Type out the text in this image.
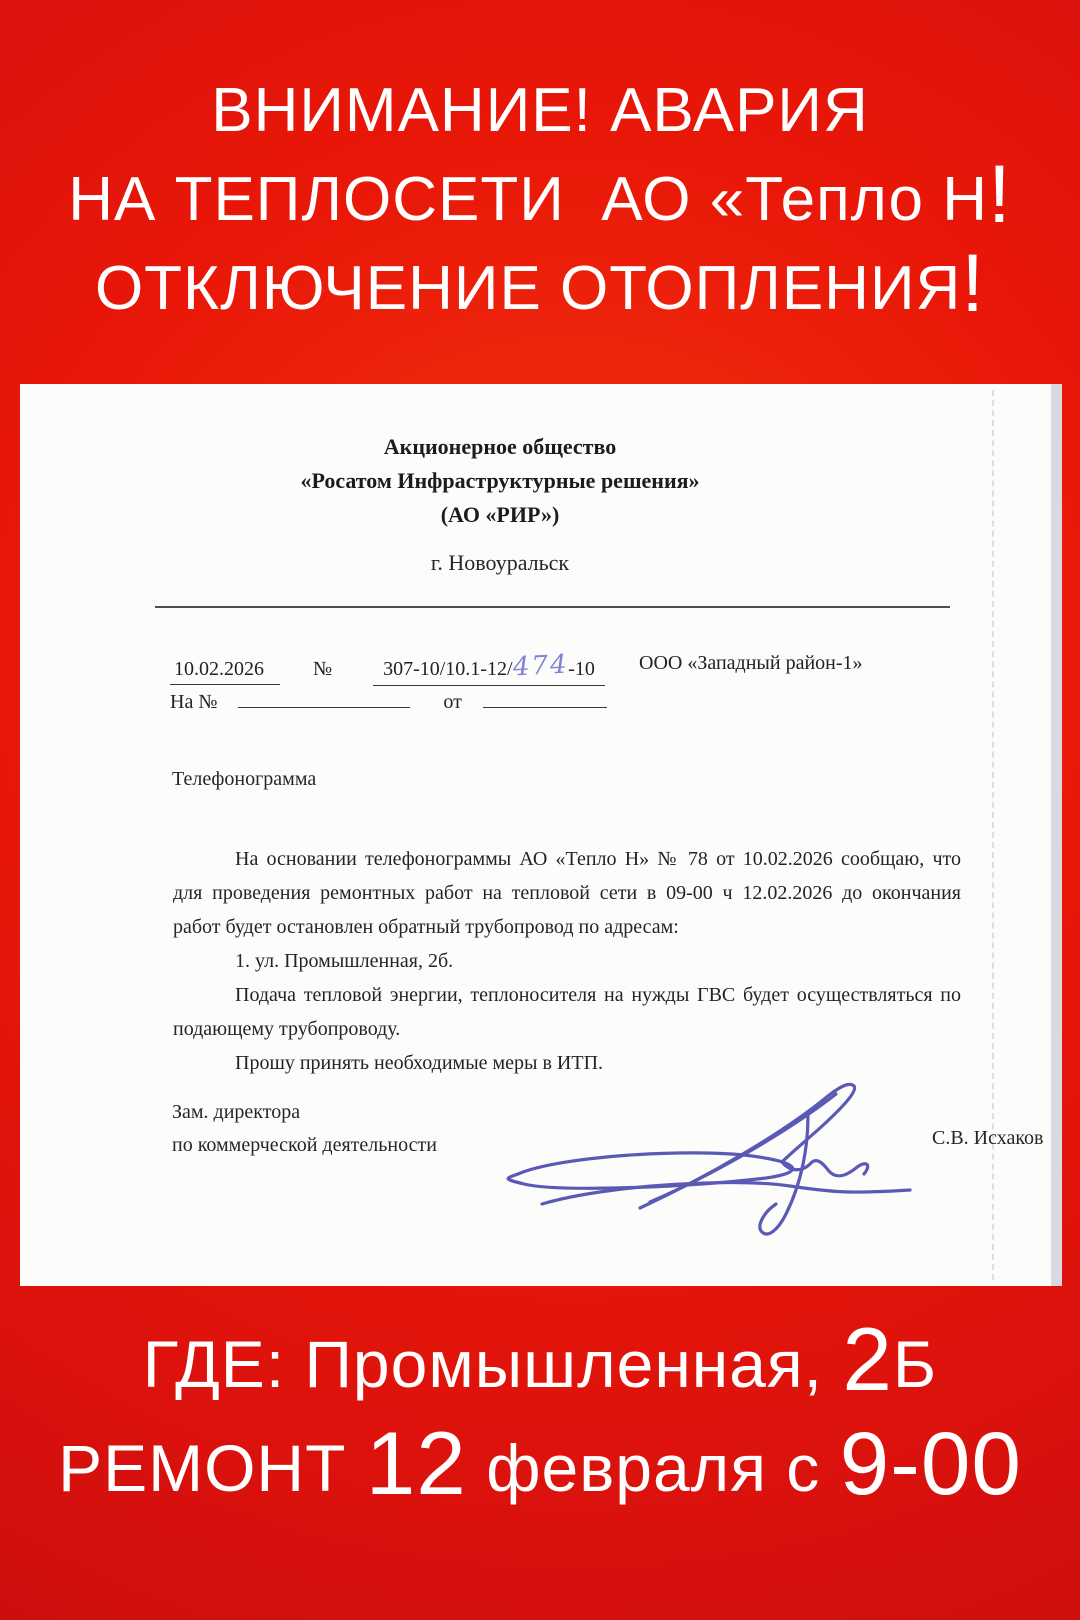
ВНИМАНИЕ! АВАРИЯ
НА ТЕПЛОСЕТИ  АО «Тепло Н!
ОТКЛЮЧЕНИЕ ОТОПЛЕНИЯ!
Акционерное общество
«Росатом Инфраструктурные решения»
(АО «РИР»)
г. Новоуральск
10.02.2026 №	307-10/10.1-12/474-10 ООО «Западный район-1»
На №	от
Телефонограмма
На основании телефонограммы АО «Тепло Н» № 78 от 10.02.2026 сообщаю, что
для проведения ремонтных работ на тепловой сети в 09-00 ч 12.02.2026 до окончания
работ будет остановлен обратный трубопровод по адресам:
1. ул. Промышленная, 2б.
Подача тепловой энергии, теплоносителя на нужды ГВС будет осуществляться по
подающему трубопроводу.
Прошу принять необходимые меры в ИТП.
Зам. директора
по коммерческой деятельности	С.В. Исхаков
ГДЕ: Промышленная, 2Б
РЕМОНТ 12 февраля с 9-00
